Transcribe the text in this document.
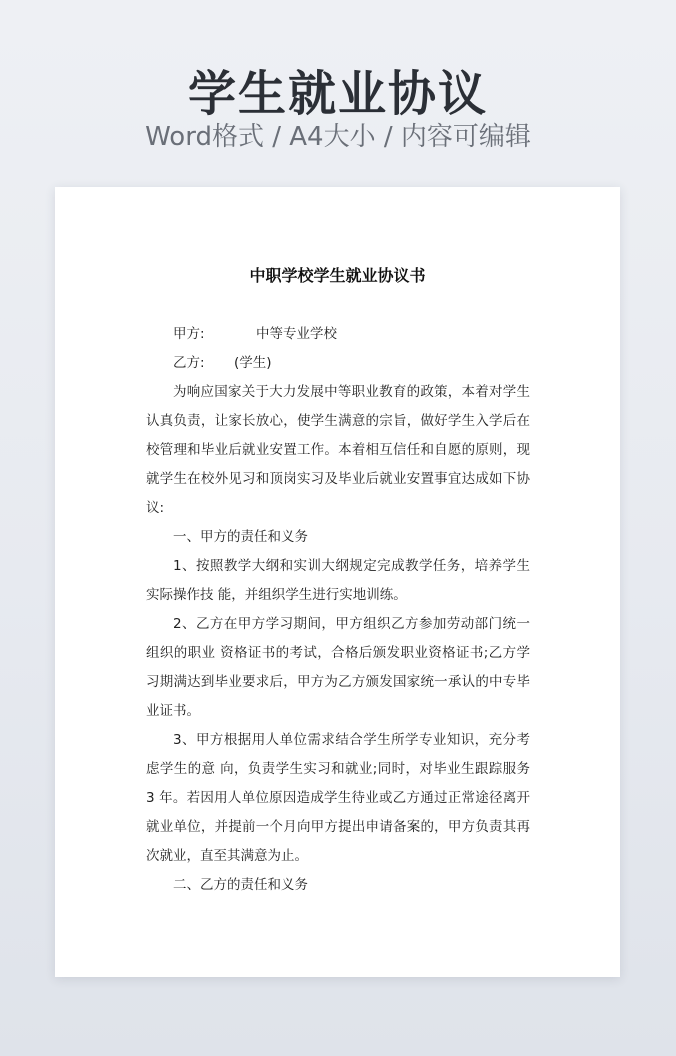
学生就业协议
Word格式 / A4大小 / 内容可编辑
中职学校学生就业协议书

甲方:	中等专业学校

乙方: (学生)

为响应国家关于大力发展中等职业教育的政策，本着对学生认真负责，让家长放心，使学生满意的宗旨，做好学生入学后在校管理和毕业后就业安置工作。本着相互信任和自愿的原则，现就学生在校外见习和顶岗实习及毕业后就业安置事宜达成如下协议:

一、甲方的责任和义务

1、按照教学大纲和实训大纲规定完成教学任务，培养学生实际操作技 能，并组织学生进行实地训练。

2、乙方在甲方学习期间，甲方组织乙方参加劳动部门统一组织的职业 资格证书的考试，合格后颁发职业资格证书;乙方学习期满达到毕业要求后，甲方为乙方颁发国家统一承认的中专毕业证书。

3、甲方根据用人单位需求结合学生所学专业知识，充分考虑学生的意 向，负责学生实习和就业;同时，对毕业生跟踪服务 3 年。若因用人单位原因造成学生待业或乙方通过正常途径离开就业单位，并提前一个月向甲方提出申请备案的，甲方负责其再次就业，直至其满意为止。

二、乙方的责任和义务
